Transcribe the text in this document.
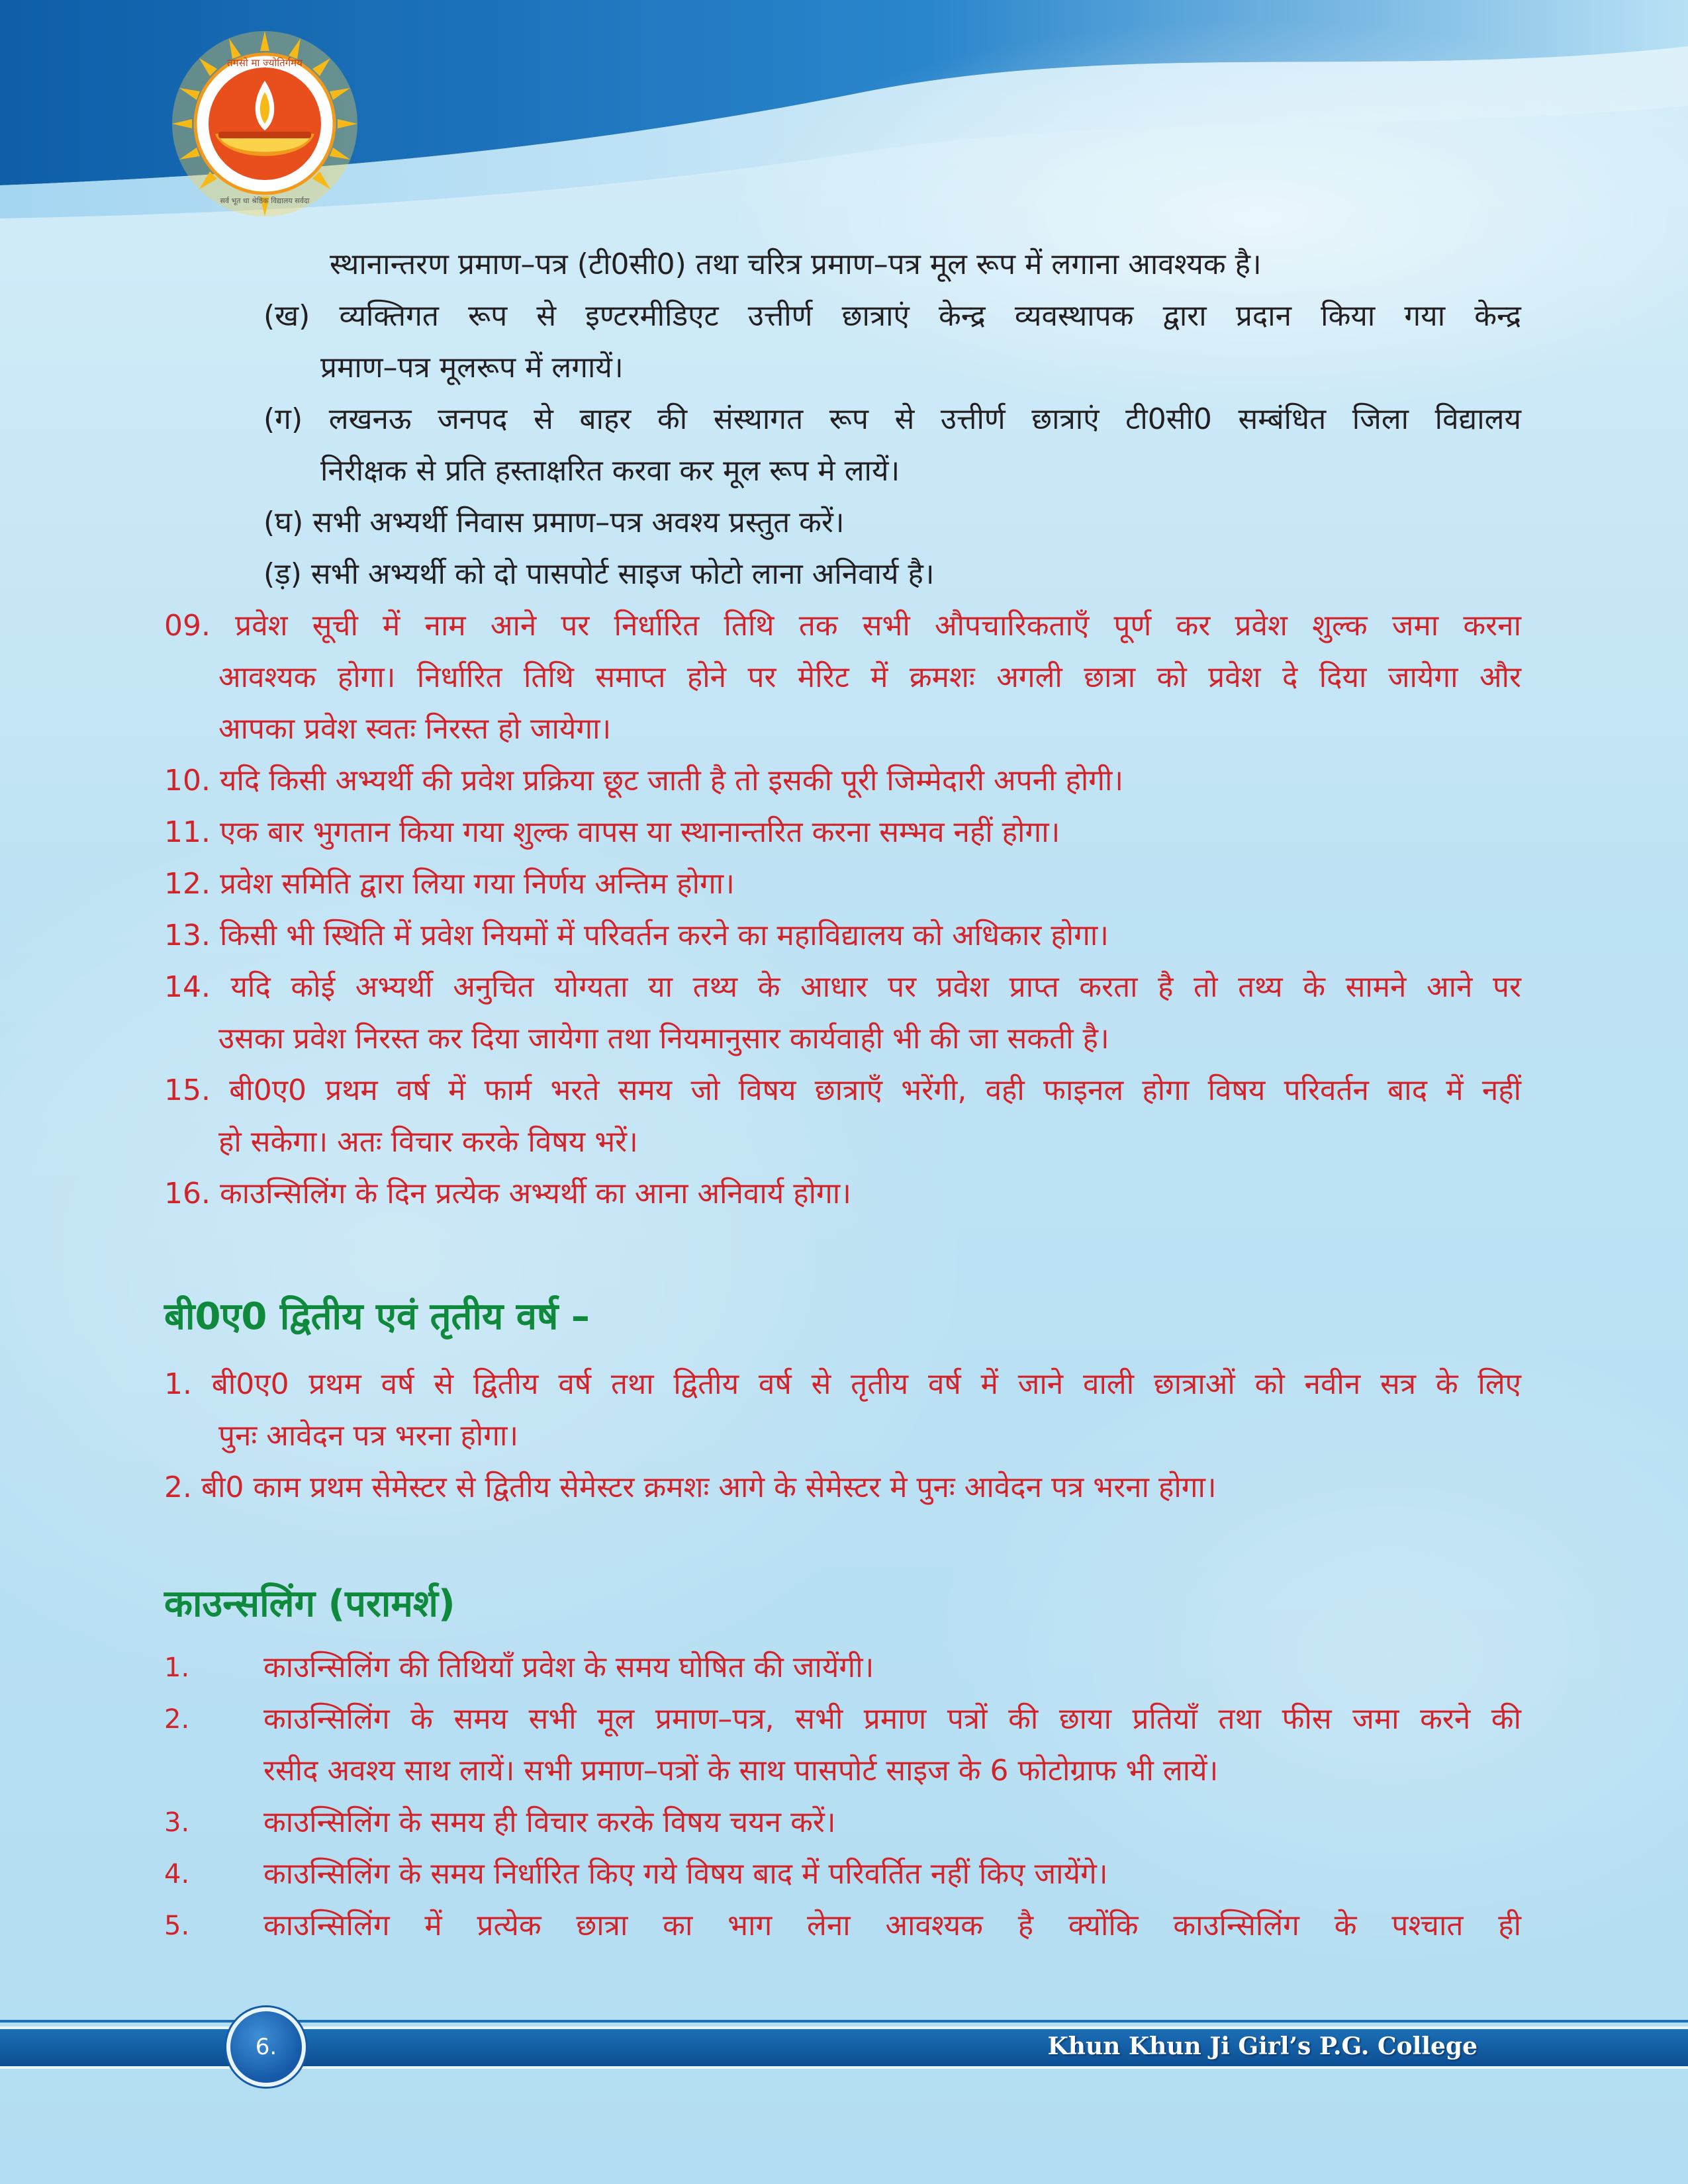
तमसो मा ज्योतिर्गमय
सर्व भूत धा श्रेष्ठिक विद्यालय सर्वदा
स्थानान्तरण प्रमाण–पत्र (टी0सी0) तथा चरित्र प्रमाण–पत्र मूल रूप में लगाना आवश्यक है।
(ख) व्यक्तिगत रूप से इण्टरमीडिएट उत्तीर्ण छात्राएं केन्द्र व्यवस्थापक द्वारा प्रदान किया गया केन्द्र
प्रमाण–पत्र मूलरूप में लगायें।
(ग) लखनऊ जनपद से बाहर की संस्थागत रूप से उत्तीर्ण छात्राएं टी0सी0 सम्बंधित जिला विद्यालय
निरीक्षक से प्रति हस्ताक्षरित करवा कर मूल रूप मे लायें।
(घ) सभी अभ्यर्थी निवास प्रमाण–पत्र अवश्य प्रस्तुत करें।
(ड़) सभी अभ्यर्थी को दो पासपोर्ट साइज फोटो लाना अनिवार्य है।
09. प्रवेश सूची में नाम आने पर निर्धारित तिथि तक सभी औपचारिकताएँ पूर्ण कर प्रवेश शुल्क जमा करना
आवश्यक होगा। निर्धारित तिथि समाप्त होने पर मेरिट में क्रमशः अगली छात्रा को प्रवेश दे दिया जायेगा और
आपका प्रवेश स्वतः निरस्त हो जायेगा।
10. यदि किसी अभ्यर्थी की प्रवेश प्रक्रिया छूट जाती है तो इसकी पूरी जिम्मेदारी अपनी होगी।
11. एक बार भुगतान किया गया शुल्क वापस या स्थानान्तरित करना सम्भव नहीं होगा।
12. प्रवेश समिति द्वारा लिया गया निर्णय अन्तिम होगा।
13. किसी भी स्थिति में प्रवेश नियमों में परिवर्तन करने का महाविद्यालय को अधिकार होगा।
14. यदि कोई अभ्यर्थी अनुचित योग्यता या तथ्य के आधार पर प्रवेश प्राप्त करता है तो तथ्य के सामने आने पर
उसका प्रवेश निरस्त कर दिया जायेगा तथा नियमानुसार कार्यवाही भी की जा सकती है।
15. बी0ए0 प्रथम वर्ष में फार्म भरते समय जो विषय छात्राएँ भरेंगी, वही फाइनल होगा विषय परिवर्तन बाद में नहीं
हो सकेगा। अतः विचार करके विषय भरें।
16. काउन्सिलिंग के दिन प्रत्येक अभ्यर्थी का आना अनिवार्य होगा।
बी0ए0 द्वितीय एवं तृतीय वर्ष –
1. बी0ए0 प्रथम वर्ष से द्वितीय वर्ष तथा द्वितीय वर्ष से तृतीय वर्ष में जाने वाली छात्राओं को नवीन सत्र के लिए
पुनः आवेदन पत्र भरना होगा।
2. बी0 काम प्रथम सेमेस्टर से द्वितीय सेमेस्टर क्रमशः आगे के सेमेस्टर मे पुनः आवेदन पत्र भरना होगा।
काउन्सलिंग (परामर्श)
1.	काउन्सिलिंग की तिथियाँ प्रवेश के समय घोषित की जायेंगी।
2.	काउन्सिलिंग के समय सभी मूल प्रमाण–पत्र, सभी प्रमाण पत्रों की छाया प्रतियाँ तथा फीस जमा करने की
रसीद अवश्य साथ लायें। सभी प्रमाण–पत्रों के साथ पासपोर्ट साइज के 6 फोटोग्राफ भी लायें।
3.	काउन्सिलिंग के समय ही विचार करके विषय चयन करें।
4.	काउन्सिलिंग के समय निर्धारित किए गये विषय बाद में परिवर्तित नहीं किए जायेंगे।
5.	काउन्सिलिंग में प्रत्येक छात्रा का भाग लेना आवश्यक है क्योंकि काउन्सिलिंग के पश्चात ही
6.	Khun Khun Ji Girl’s P.G. College
